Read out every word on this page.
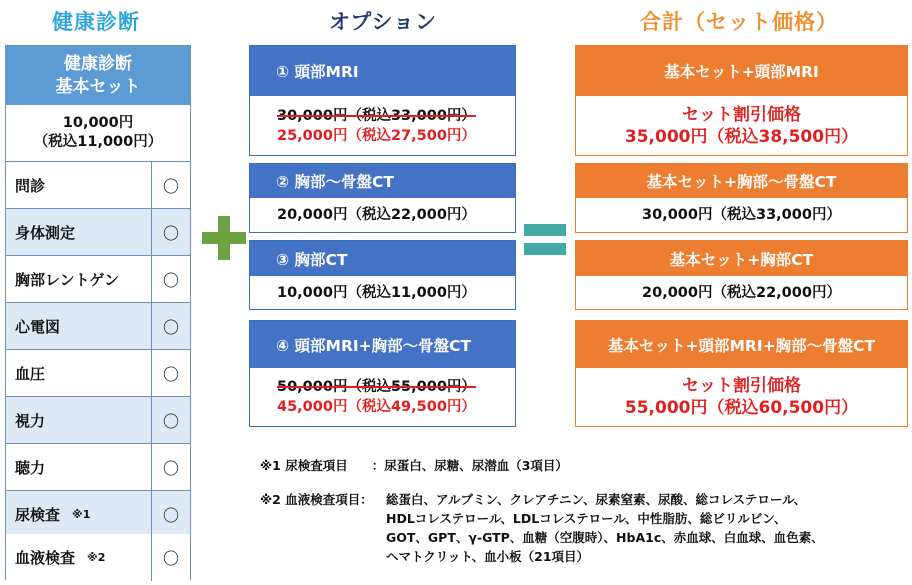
健康診断	オプション	合計（セット価格）
健康診断
基本セット
10,000円
（税込11,000円）
問診	〇
身体測定	〇
胸部レントゲン	〇
心電図	〇
血圧	〇
視力	〇
聴力	〇
尿検査 ※1	〇
血液検査 ※2	〇
① 頭部MRI
30,000円（税込33,000円）
25,000円（税込27,500円）
② 胸部～骨盤CT
20,000円（税込22,000円）
③ 胸部CT
10,000円（税込11,000円）
④ 頭部MRI+胸部～骨盤CT
50,000円（税込55,000円）
45,000円（税込49,500円）
基本セット+頭部MRI
セット割引価格
35,000円（税込38,500円）
基本セット+胸部～骨盤CT
30,000円（税込33,000円）
基本セット+胸部CT
20,000円（税込22,000円）
基本セット+頭部MRI+胸部～骨盤CT
セット割引価格
55,000円（税込60,500円）
※1 尿検査項目 ：尿蛋白、尿糖、尿潜血（3項目）
※2 血液検査項目： 総蛋白、アルブミン、クレアチニン、尿素窒素、尿酸、総コレステロール、
HDLコレステロール、LDLコレステロール、中性脂肪、総ビリルビン、
GOT、GPT、γ-GTP、血糖（空腹時）、HbA1c、赤血球、白血球、血色素、
ヘマトクリット、血小板（21項目）
